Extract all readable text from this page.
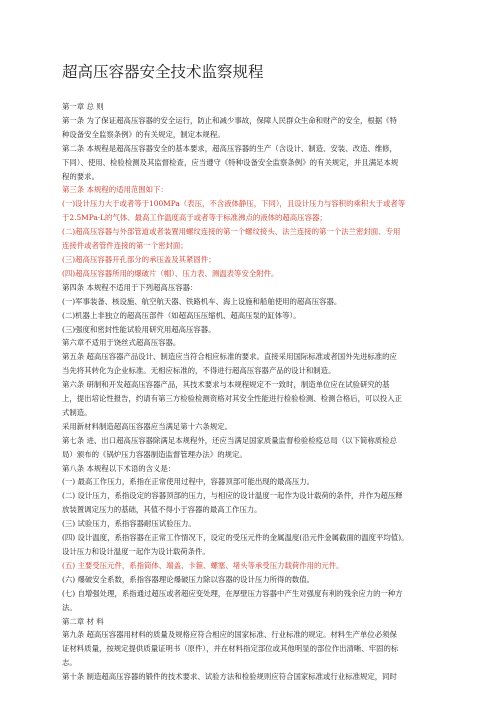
超高压容器安全技术监察规程

第一章 总 则

第一条 为了保证超高压容器的安全运行，防止和减少事故，保障人民群众生命和财产的安全，根据《特

种设备安全监察条例》的有关规定，制定本规程。

第二条 本规程是超高压容器安全的基本要求，超高压容器的生产（含设计、制造、安装、改造、维修，

下同）、使用、检验检测及其监督检查，应当遵守《特种设备安全监察条例》的有关规定，并且满足本规

程的要求。

第三条 本规程的适用范围如下：

(一)设计压力大于或者等于100MPa（表压，不含液体静压，下同），且设计压力与容积的乘积大于或者等

于2.5MPa·L的气体、最高工作温度高于或者等于标准沸点的液体的超高压容器；

(二)超高压容器与外部管道或者装置用螺纹连接的第一个螺纹接头、法兰连接的第一个法兰密封面、专用

连接件或者管件连接的第一个密封面；

(三)超高压容器开孔部分的承压盖及其紧固件；

(四)超高压容器所用的爆破片（帽）、压力表、测温表等安全附件。

第四条 本规程不适用于下列超高压容器：

(一)军事装备、核设施、航空航天器、铁路机车、海上设施和船舶使用的超高压容器。

(二)机器上非独立的超高压部件（如超高压压缩机、超高压泵的缸体等）。

(三)强度和密封性能试验用研究用超高压容器。

第六章不适用于饶丝式超高压容器。

第五条 超高压容器产品设计、制造应当符合相应标准的要求。直接采用国际标准或者国外先进标准的应

当先将其转化为企业标准。无相应标准的，不得进行超高压容器产品的设计和制造。

第六条 研制和开发超高压容器产品，其技术要求与本规程规定不一致时，制造单位应在试验研究的基

上，提出培论性报告，约请有第三方检验检测资格对其安全性能进行检验检测、检测合格后，可以投入正

式制造。

采用新材料制造超高压容器应当满足第十六条规定。

第七条 进、出口超高压容器除满足本规程外，还应当满足国家质量监督检验检疫总局（以下简称质检总

局）颁布的《锅炉压力容器制造监督管理办法》的规定。

第八条 本规程以下术语的含义是：

(一) 最高工作压力，系指在正常使用过程中，容器顶部可能出现的最高压力。

(二) 设计压力，系指设定的容器顶部的压力，与相应的设计温度一起作为设计载荷的条件，并作为超压释

放装置调定压力的基础，其值不得小于容器的最高工作压力。

(三) 试验压力，系指容器耐压试验压力。

(四) 设计温度，系指容器在正常工作情况下，设定的受压元件的金属温度(沿元件金属截面的温度平均值)。

设计压力和设计温度一起作为设计载荷条件。

(五) 主要受压元件，系指筒体、端盖、卡箍、螺塞、堵头等承受压力载荷作用的元件。

(六) 爆破安全系数，系指容器理论爆破压力除以容器的设计压力所得的数值。

(七) 自增强处理，系指通过超压或者超应变处理，在厚壁压力容器中产生对强度有利的残余应力的一种方

法。

第二章 材 料

第九条 超高压容器用材料的质量及规格应符合相应的国家标准、行业标准的规定。材料生产单位必须保

证材料质量，按规定提供质量证明书（原件），并在材料指定部位或其他明显的部位作出清晰、牢固的标

志。

第十条 制造超高压容器的锻件的技术要求、试验方法和检验规则应符合国家标准或行业标准规定，同时
